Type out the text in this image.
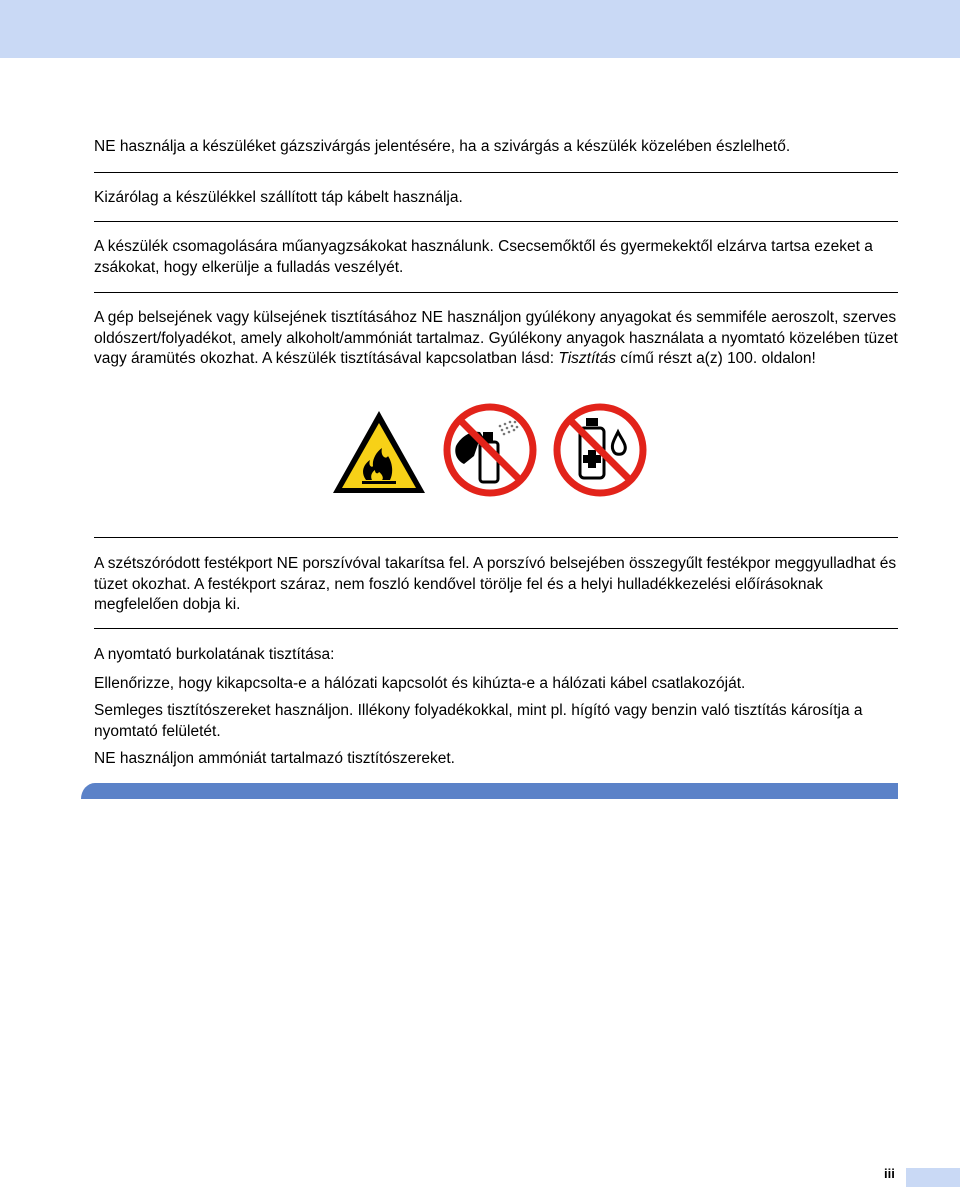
NE használja a készüléket gázszivárgás jelentésére, ha a szivárgás a készülék közelében észlelhető.

Kizárólag a készülékkel szállított táp kábelt használja.

A készülék csomagolására műanyagzsákokat használunk. Csecsemőktől és gyermekektől elzárva tartsa ezeket a zsákokat, hogy elkerülje a fulladás veszélyét.

A gép belsejének vagy külsejének tisztításához NE használjon gyúlékony anyagokat és semmiféle aeroszolt, szerves oldószert/folyadékot, amely alkoholt/ammóniát tartalmaz. Gyúlékony anyagok használata a nyomtató közelében tüzet vagy áramütés okozhat. A készülék tisztításával kapcsolatban lásd: Tisztítás című részt a(z) 100. oldalon!

A szétszóródott festékport NE porszívóval takarítsa fel. A porszívó belsejében összegyűlt festékpor meggyulladhat és tüzet okozhat. A festékport száraz, nem foszló kendővel törölje fel és a helyi hulladékkezelési előírásoknak megfelelően dobja ki.

A nyomtató burkolatának tisztítása:

Ellenőrizze, hogy kikapcsolta-e a hálózati kapcsolót és kihúzta-e a hálózati kábel csatlakozóját.

Semleges tisztítószereket használjon. Illékony folyadékokkal, mint pl. hígító vagy benzin való tisztítás károsítja a nyomtató felületét.

NE használjon ammóniát tartalmazó tisztítószereket.

iii
